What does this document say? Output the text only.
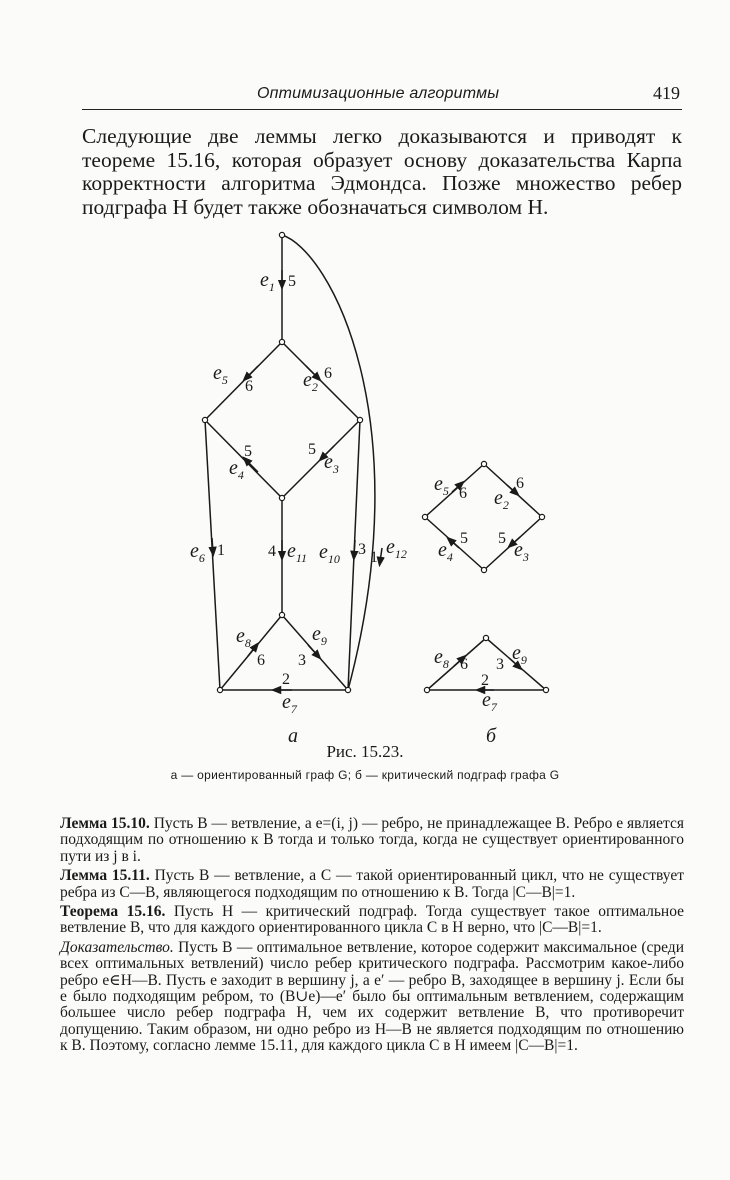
Оптимизационные алгоритмы	419

Следующие две леммы легко доказываются и приводят к теореме 15.16, которая образует основу доказательства Карпа корректности алгоритма Эдмондса. Позже множество ребер подграфа H будет также обозначаться символом H.

$e_1$ 5
$e_5$ 6	$e_2$
6
5
$e_4$
5
$e_3$
$e_6$ 1	4 $e_{11}$ $e_{10}$
3 1 $e_{12}$
$e_8$
6
$e_9$
3
2
$e_7$
а
$e_5$ 6
6
$e_2$
5
$e_4$
5
$e_3$
$e_8$ 6
$e_9$
3
2
$e_7$
б
Рис. 15.23.
а — ориентированный граф G; б — критический подграф графа G

Лемма 15.10. Пусть B — ветвление, а e=(i, j) — ребро, не принадлежащее B. Ребро e является подходящим по отношению к B тогда и только тогда, когда не существует ориентированного пути из j в i.

Лемма 15.11. Пусть B — ветвление, а C — такой ориентированный цикл, что не существует ребра из C—B, являющегося подходящим по отношению к B. Тогда |C—B|=1.

Теорема 15.16. Пусть H — критический подграф. Тогда существует такое оптимальное ветвление B, что для каждого ориентированного цикла C в H верно, что |C—B|=1.

Доказательство. Пусть B — оптимальное ветвление, которое содержит максимальное (среди всех оптимальных ветвлений) число ребер критического подграфа. Рассмотрим какое-либо ребро e∈H—B. Пусть e заходит в вершину j, а e′ — ребро B, заходящее в вершину j. Если бы e было подходящим ребром, то (B∪e)—e′ было бы оптимальным ветвлением, содержащим большее число ребер подграфа H, чем их содержит ветвление B, что противоречит допущению. Таким образом, ни одно ребро из H—B не является подходящим по отношению к B. Поэтому, согласно лемме 15.11, для каждого цикла C в H имеем |C—B|=1.
